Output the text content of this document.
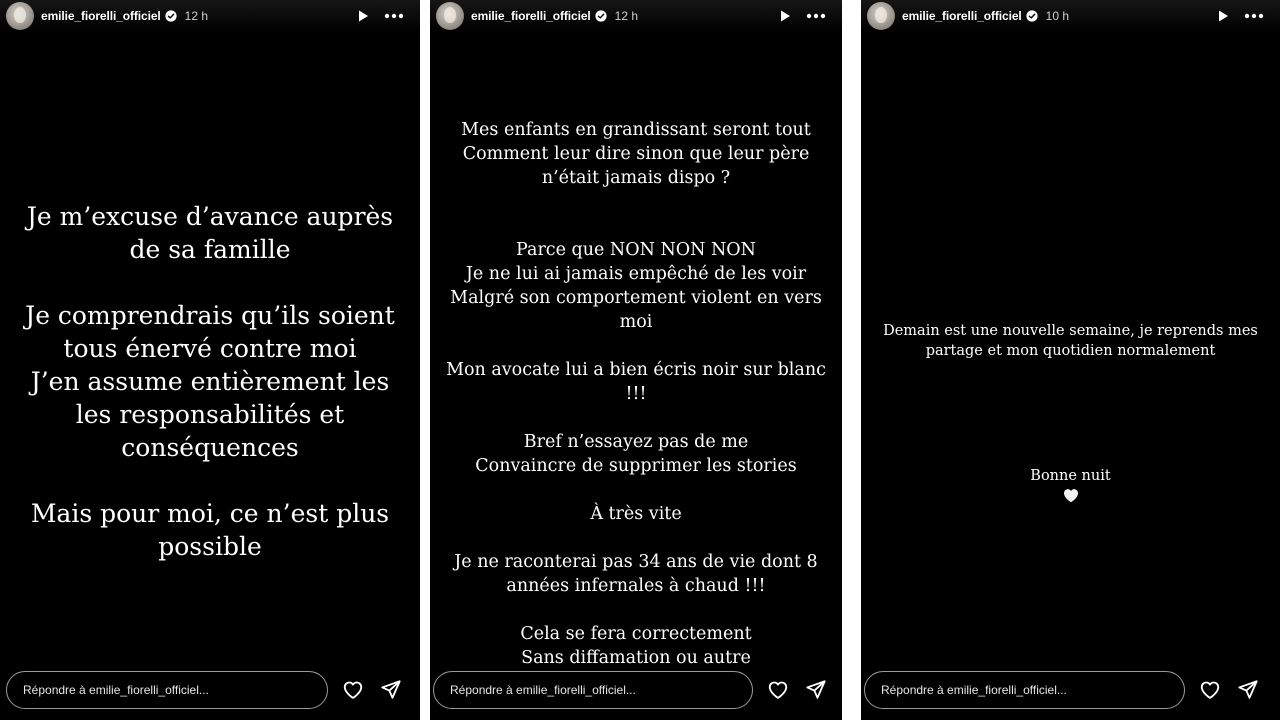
emilie_fiorelli_officiel 12 h

Je m’excuse d’avance auprès

de sa famille

Je comprendrais qu’ils soient

tous énervé contre moi

J’en assume entièrement les

les responsabilités et

conséquences

Mais pour moi, ce n’est plus

possible

Répondre à emilie_fiorelli_officiel...
emilie_fiorelli_officiel 12 h

Mes enfants en grandissant seront tout

Comment leur dire sinon que leur père

n’était jamais dispo ?

Parce que NON NON NON

Je ne lui ai jamais empêché de les voir

Malgré son comportement violent en vers

moi

Mon avocate lui a bien écris noir sur blanc !!!

Bref n’essayez pas de me

Convaincre de supprimer les stories

À très vite

Je ne raconterai pas 34 ans de vie dont 8

années infernales à chaud !!!

Cela se fera correctement

Sans diffamation ou autre

Répondre à emilie_fiorelli_officiel...
emilie_fiorelli_officiel 10 h

Demain est une nouvelle semaine, je reprends mes

partage et mon quotidien normalement

Bonne nuit

Répondre à emilie_fiorelli_officiel...
